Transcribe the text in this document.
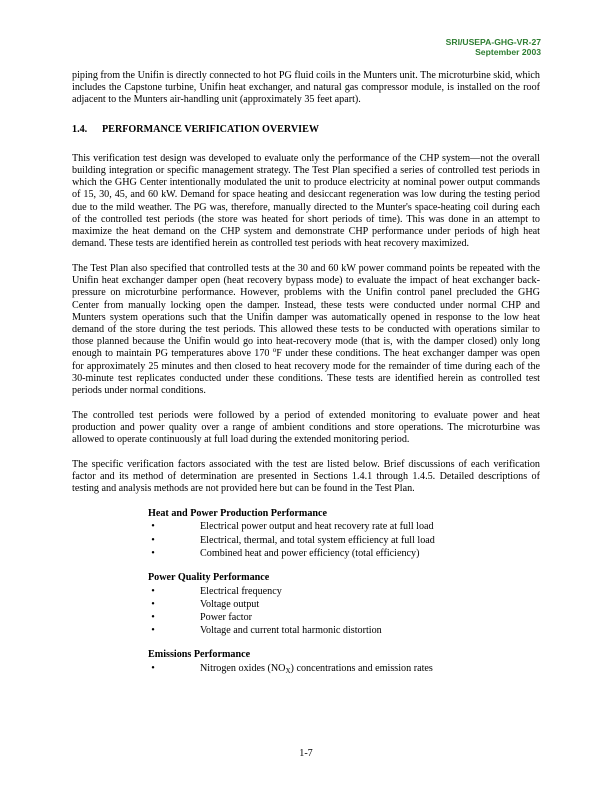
SRI/USEPA-GHG-VR-27
September 2003

piping from the Unifin is directly connected to hot PG fluid coils in the Munters unit. The microturbine skid, which includes the Capstone turbine, Unifin heat exchanger, and natural gas compressor module, is installed on the roof adjacent to the Munters air-handling unit (approximately 35 feet apart).

1.4. PERFORMANCE VERIFICATION OVERVIEW

This verification test design was developed to evaluate only the performance of the CHP system—not the overall building integration or specific management strategy. The Test Plan specified a series of controlled test periods in which the GHG Center intentionally modulated the unit to produce electricity at nominal power output commands of 15, 30, 45, and 60 kW. Demand for space heating and desiccant regeneration was low during the testing period due to the mild weather. The PG was, therefore, manually directed to the Munter's space-heating coil during each of the controlled test periods (the store was heated for short periods of time). This was done in an attempt to maximize the heat demand on the CHP system and demonstrate CHP performance under periods of high heat demand. These tests are identified herein as controlled test periods with heat recovery maximized.

The Test Plan also specified that controlled tests at the 30 and 60 kW power command points be repeated with the Unifin heat exchanger damper open (heat recovery bypass mode) to evaluate the impact of heat exchanger back-pressure on microturbine performance. However, problems with the Unifin control panel precluded the GHG Center from manually locking open the damper. Instead, these tests were conducted under normal CHP and Munters system operations such that the Unifin damper was automatically opened in response to the low heat demand of the store during the test periods. This allowed these tests to be conducted with operations similar to those planned because the Unifin would go into heat-recovery mode (that is, with the damper closed) only long enough to maintain PG temperatures above 170 $^o$F under these conditions. The heat exchanger damper was open for approximately 25 minutes and then closed to heat recovery mode for the remainder of time during each of the 30-minute test replicates conducted under these conditions. These tests are identified herein as controlled test periods under normal conditions.

The controlled test periods were followed by a period of extended monitoring to evaluate power and heat production and power quality over a range of ambient conditions and store operations. The microturbine was allowed to operate continuously at full load during the extended monitoring period.

The specific verification factors associated with the test are listed below. Brief discussions of each verification factor and its method of determination are presented in Sections 1.4.1 through 1.4.5. Detailed descriptions of testing and analysis methods are not provided here but can be found in the Test Plan.

Heat and Power Production Performance
•	Electrical power output and heat recovery rate at full load
•	Electrical, thermal, and total system efficiency at full load
•	Combined heat and power efficiency (total efficiency)
Power Quality Performance
•	Electrical frequency
•	Voltage output
•	Power factor
•	Voltage and current total harmonic distortion
Emissions Performance
•	Nitrogen oxides $(NO_X)$ concentrations and emission rates
1-7
